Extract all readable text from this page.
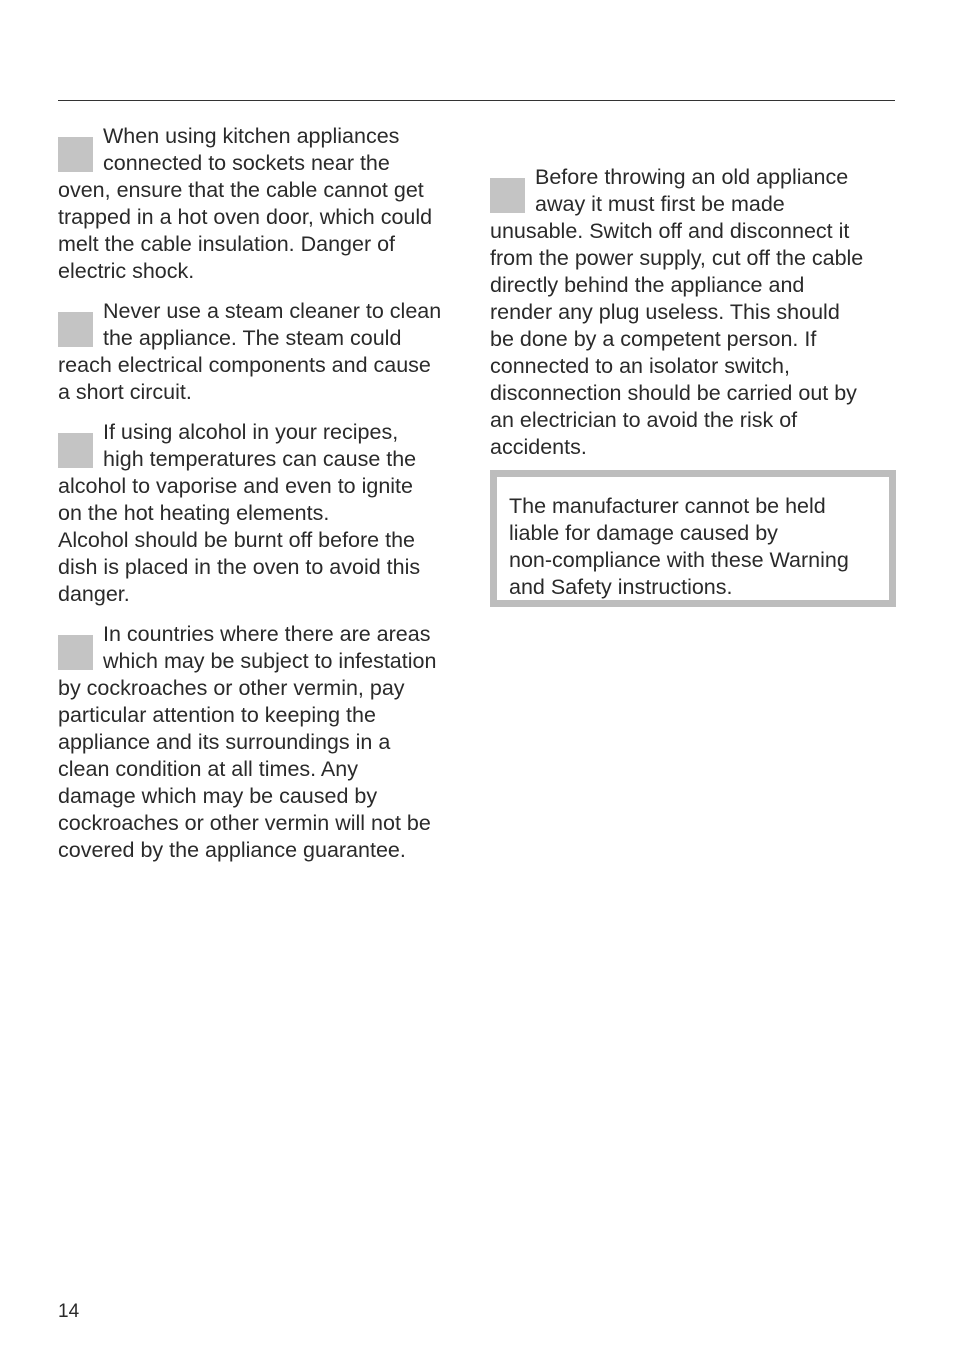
When using kitchen appliances
connected to sockets near the
oven, ensure that the cable cannot get
trapped in a hot oven door, which could
melt the cable insulation. Danger of
electric shock.

Never use a steam cleaner to clean
the appliance. The steam could
reach electrical components and cause
a short circuit.

If using alcohol in your recipes,
high temperatures can cause the
alcohol to vaporise and even to ignite
on the hot heating elements.
Alcohol should be burnt off before the
dish is placed in the oven to avoid this
danger.

In countries where there are areas
which may be subject to infestation
by cockroaches or other vermin, pay
particular attention to keeping the
appliance and its surroundings in a
clean condition at all times. Any
damage which may be caused by
cockroaches or other vermin will not be
covered by the appliance guarantee.

Before throwing an old appliance
away it must first be made
unusable. Switch off and disconnect it
from the power supply, cut off the cable
directly behind the appliance and
render any plug useless. This should
be done by a competent person. If
connected to an isolator switch,
disconnection should be carried out by
an electrician to avoid the risk of
accidents.

The manufacturer cannot be held
liable for damage caused by
non-compliance with these Warning
and Safety instructions.
14
